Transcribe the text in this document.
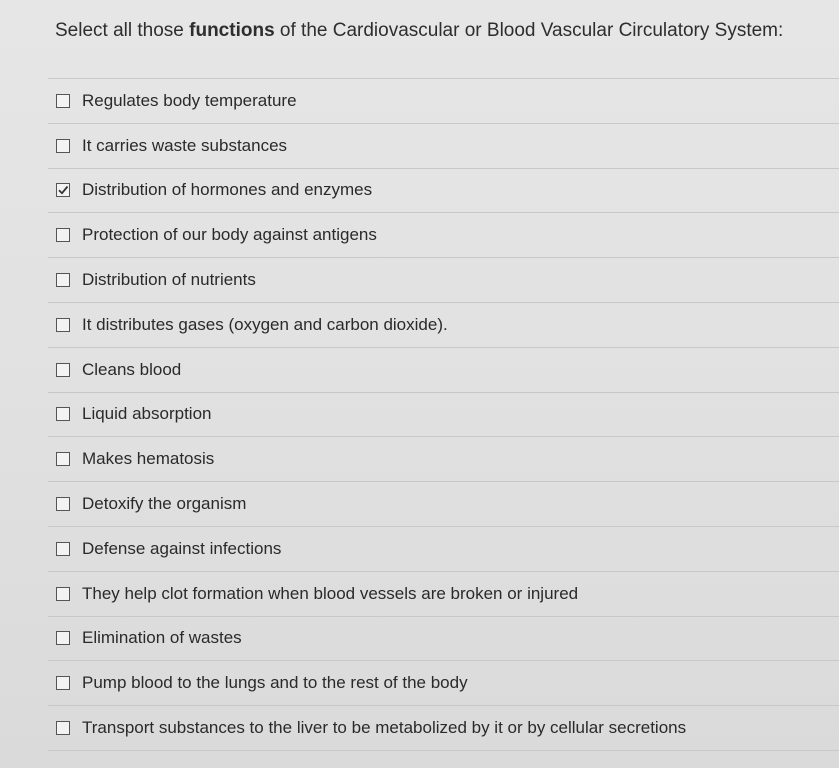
Select all those functions of the Cardiovascular or Blood Vascular Circulatory System:
Regulates body temperature
It carries waste substances
Distribution of hormones and enzymes
Protection of our body against antigens
Distribution of nutrients
It distributes gases (oxygen and carbon dioxide).
Cleans blood
Liquid absorption
Makes hematosis
Detoxify the organism
Defense against infections
They help clot formation when blood vessels are broken or injured
Elimination of wastes
Pump blood to the lungs and to the rest of the body
Transport substances to the liver to be metabolized by it or by cellular secretions
